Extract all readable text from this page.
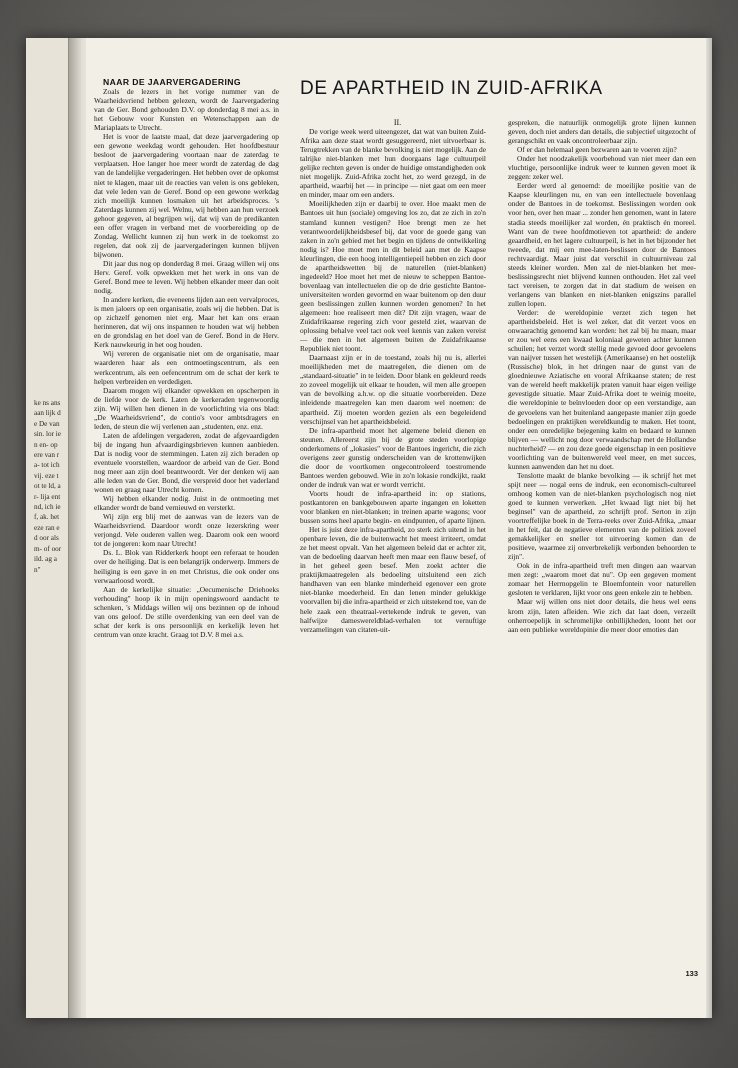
ke ns ans aan lijk de De van sin. lor ien en- op ere van ra- tot ich vij. eze tot te ld, ar- lija ent nd, ich ief, ak. het eze ran ed oor als m- of oor ild. ag an"
DE APARTHEID IN ZUID-AFRIKA

NAAR DE JAARVERGADERING

Zoals de lezers in het vorige nummer van de Waarheidsvriend hebben gelezen, wordt de Jaarvergadering van de Ger. Bond gehouden D.V. op donderdag 8 mei a.s. in het Gebouw voor Kunsten en Wetenschappen aan de Mariaplaats te Utrecht.

Het is voor de laatste maal, dat deze jaarvergadering op een gewone weekdag wordt gehouden. Het hoofdbestuur besloot de jaarvergadering voortaan naar de zaterdag te verplaatsen. Hoe langer hoe meer wordt de zaterdag de dag van de landelijke vergaderingen. Het hebben over de opkomst niet te klagen, maar uit de reacties van velen is ons gebleken, dat vele leden van de Geref. Bond op een gewone werkdag zich moeilijk kunnen losmaken uit het arbeidsproces. 's Zaterdags kunnen zij wel. Welnu, wij hebben aan hun verzoek gehoor gegeven, al begrijpen wij, dat wij van de predikanten een offer vragen in verband met de voorbereiding op de Zondag. Wellicht kunnen zij hun werk in de toekomst zo regelen, dat ook zij de jaarvergaderingen kunnen blijven bijwonen.

Dit jaar dus nog op donderdag 8 mei. Graag willen wij ons Herv. Geref. volk opwekken met het werk in ons van de Geref. Bond mee te leven. Wij hebben elkander meer dan ooit nodig.

In andere kerken, die eveneens lijden aan een vervalproces, is men jaloers op een organisatie, zoals wij die hebben. Dat is op zichzelf genomen niet erg. Maar het kan ons eraan herinneren, dat wij ons inspannen te houden wat wij hebben en de grondslag en het doel van de Geref. Bond in de Herv. Kerk nauwkeurig in het oog houden.

Wij vereren de organisatie niet om de organisatie, maar waarderen haar als een ontmoetingscentrum, als een werkcentrum, als een oefencentrum om de schat der kerk te helpen verbreiden en verdedigen.

Daarom mogen wij elkander opwekken en opscherpen in de liefde voor de kerk. Laten de kerkeraden tegenwoordig zijn. Wij willen hen dienen in de voorlichting via ons blad: „De Waarheidsvriend", de contio's voor ambtsdragers en leden, de steun die wij verlenen aan „studenten, enz. enz.

Laten de afdelingen vergaderen, zodat de afgevaardigden bij de ingang hun afvaardigingsbrieven kunnen aanbieden. Dat is nodig voor de stemmingen. Laten zij zich beraden op eventuele voorstellen, waardoor de arbeid van de Ger. Bond nog meer aan zijn doel beantwoordt. Ver der denken wij aan alle leden van de Ger. Bond, die verspreid door het vaderland wonen en graag naar Utrecht komen.

Wij hebben elkander nodig. Juist in de ontmoeting met elkander wordt de band vernieuwd en versterkt.

Wij zijn erg blij met de aanwas van de lezers van de Waarheidsvriend. Daardoor wordt onze lezerskring weer verjongd. Vele ouderen vallen weg. Daarom ook een woord tot de jongeren: kom naar Utrecht!

Ds. L. Blok van Ridderkerk hoopt een referaat te houden over de heiliging. Dat is een belangrijk onderwerp. Immers de heiliging is een gave in en met Christus, die ook onder ons verwaarloosd wordt.

Aan de kerkelijke situatie: „Oecumenische Driehoeks verhouding" hoop ik in mijn openingswoord aandacht te schenken, 's Middags willen wij ons bezinnen op de inhoud van ons geloof. De stille overdenking van een deel van de schat der kerk is ons persoonlijk en kerkelijk leven het centrum van onze kracht. Graag tot D.V. 8 mei a.s.

II.

De vorige week werd uiteengezet, dat wat van buiten Zuid-Afrika aan deze staat wordt gesuggereerd, niet uitvoerbaar is. Terugtrekken van de blanke bevolking is niet mogelijk. Aan de talrijke niet-blanken met hun doorgaans lage cultuurpeil gelijke rechten geven is onder de huidige omstandigheden ook niet mogelijk. Zuid-Afrika zocht het, zo werd gezegd, in de apartheid, waarbij het — in principe — niet gaat om een meer en minder, maar om een anders.

Moeilijkheden zijn er daarbij te over. Hoe maakt men de Bantoes uit hun (sociale) omgeving los zo, dat ze zich in zo'n stamland kunnen vestigen? Hoe brengt men ze het verantwoordelijkheidsbesef bij, dat voor de goede gang van zaken in zo'n gebied met het begin en tijdens de ontwikkeling nodig is? Hoe moet men in dit beleid aan met de Kaapse kleurlingen, die een hoog intelligentiepeil hebben en zich door de apartheidswetten bij de naturellen (niet-blanken) ingedeeld? Hoe moet het met de nieuw te scheppen Bantoe-bovenlaag van intellectuelen die op de drie gestichte Bantoe-universiteiten worden gevormd en waar buitenom op den duur geen beslissingen zullen kunnen worden genomen? In het algemeen: hoe realiseert men dit? Dit zijn vragen, waar de Zuidafrikaanse regering zich voor gesteld ziet, waarvan de oplossing behalve veel tact ook veel kennis van zaken vereist — die men in het algemeen buiten de Zuidafrikaanse Republiek niet toont.

Daarnaast zijn er in de toestand, zoals hij nu is, allerlei moeilijkheden met de maatregelen, die dienen om de „standaard-situatie" in te leiden. Door blank en gekleurd reeds zo zoveel mogelijk uit elkaar te houden, wil men alle groepen van de bevolking a.h.w. op die situatie voorbereiden. Deze inleidende maatregelen kan men daarom wel noemen: de apartheid. Zij moeten worden gezien als een begeleidend verschijnsel van het apartheidsbeleid.

De infra-apartheid moet het algemene beleid dienen en steunen. Allereerst zijn bij de grote steden voorlopige onderkomens of „lokasies" voor de Bantoes ingericht, die zich overigens zeer gunstig onderscheiden van de krottenwijken die door de voortkomen ongecontroleerd toestromende Bantoes werden gebouwd. Wie in zo'n lokasie rondkijkt, raakt onder de indruk van wat er wordt verricht.

Voorts houdt de infra-apartheid in: op stations, postkantoren en bankgebouwen aparte ingangen en loketten voor blanken en niet-blanken; in treinen aparte wagons; voor bussen soms heel aparte begin- en eindpunten, of aparte lijnen.

Het is juist deze infra-apartheid, zo sterk zich uitend in het openbare leven, die de buitenwacht het meest irriteert, omdat ze het meest opvalt. Van het algemeen beleid dat er achter zit, van de bedoeling daarvan heeft men maar een flauw besef, of in het geheel geen besef. Men zoekt achter die praktijkmaatregelen als bedoeling uitsluitend een zich handhaven van een blanke minderheid egenover een grote niet-blanke moederheid. En dan lenen minder gelukkige voorvallen bij die infra-apartheid er zich uitstekend toe, van de hele zaak een theatraal-vertekende indruk te geven, van halfwijze dameswereldblad-verhalen tot vernuftige verzamelingen van citaten-uit-

gespreken, die natuurlijk onmogelijk grote lijnen kunnen geven, doch niet anders dan details, die subjectief uitgezocht of gerangschikt en vaak oncontroleerbaar zijn.

Of er dan helemaal geen bezwaren aan te voeren zijn?

Onder het noodzakelijk voorbehoud van niet meer dan een vluchtige, persoonlijke indruk weer te kunnen geven moet ik zeggen: zeker wel.

Eerder werd al genoemd: de moeilijke positie van de Kaapse kleurlingen nu, en van een intellectuele bovenlaag onder de Bantoes in de toekomst. Beslissingen worden ook voor hen, over hen maar ... zonder hen genomen, want in latere stadia steeds moeilijker zal worden, én praktisch én moreel. Want van de twee hoofdmotieven tot apartheid: de andere geaardheid, en het lagere cultuurpeil, is het in het bijzonder het tweede, dat mij een mee-laten-beslissen door de Bantoes rechtvaardigt. Maar juist dat verschil in cultuurniveau zal steeds kleiner worden. Men zal de niet-blanken het mee-beslissingsrecht niet blijvend kunnen onthouden. Het zal veel tact vereisen, te zorgen dat in dat stadium de weisen en verlangens van blanken en niet-blanken enigszins parallel zullen lopen.

Verder: de wereldopinie verzet zich tegen het apartheidsbeleid. Het is wel zeker, dat dit verzet voos en onwaarachtig genoemd kan worden: het zal bij hu maan, maar er zou wel eens een kwaad koloniaal geweten achter kunnen schuilen; het verzet wordt stellig mede gevoed door gevoelens van naijver tussen het westelijk (Amerikaanse) en het oostelijk (Russische) blok, in het dringen naar de gunst van de gloednieuwe Aziatische en vooral Afrikaanse staten; de rest van de wereld heeft makkelijk praten vanuit haar eigen veilige gevestigde situatie. Maar Zuid-Afrika doet te weinig moeite, die wereldopinie te beïnvloeden door op een verstandige, aan de gevoelens van het buitenland aangepaste manier zijn goede bedoelingen en praktijken wereldkundig te maken. Het toont, onder een onredelijke bejegening kalm en bedaard te kunnen blijven — wellicht nog door verwaandschap met de Hollandse nuchterheid? — en zou deze goede eigenschap in een positieve voorlichting van de buitenwereld veel meer, en met succes, kunnen aanwenden dan het nu doet.

Tenslotte maakt de blanke bevolking — ik schrijf het met spijt neer — nogal eens de indruk, een economisch-cultureel omhoog komen van de niet-blanken psychologisch nog niet goed te kunnen verwerken. „Het kwaad ligt niet bij het beginsel" van de apartheid, zo schrijft prof. Serton in zijn voortreffelijke boek in de Terra-reeks over Zuid-Afrika, „maar in het feit, dat de negatieve elementen van de politiek zoveel gemakkelijker en sneller tot uitvoering komen dan de positieve, waarmee zij onverbrekelijk verbonden behoorden te zijn".

Ook in de infra-apartheid treft men dingen aan waarvan men zegt: „waarom moet dat nu". Op een gegeven moment zomaar het Herrnopgelin te Bloemfontein voor naturellen gesloten te verklaren, lijkt voor ons geen enkele zin te hebben.

Maar wij willen ons niet door details, die heus wel eens krom zijn, laten afleiden. Wie zich dat laat doen, verzeilt onherroepelijk in schromelijke onbillijkheden, loont het oor aan een publieke wereldopinie die meer door emoties dan

133
